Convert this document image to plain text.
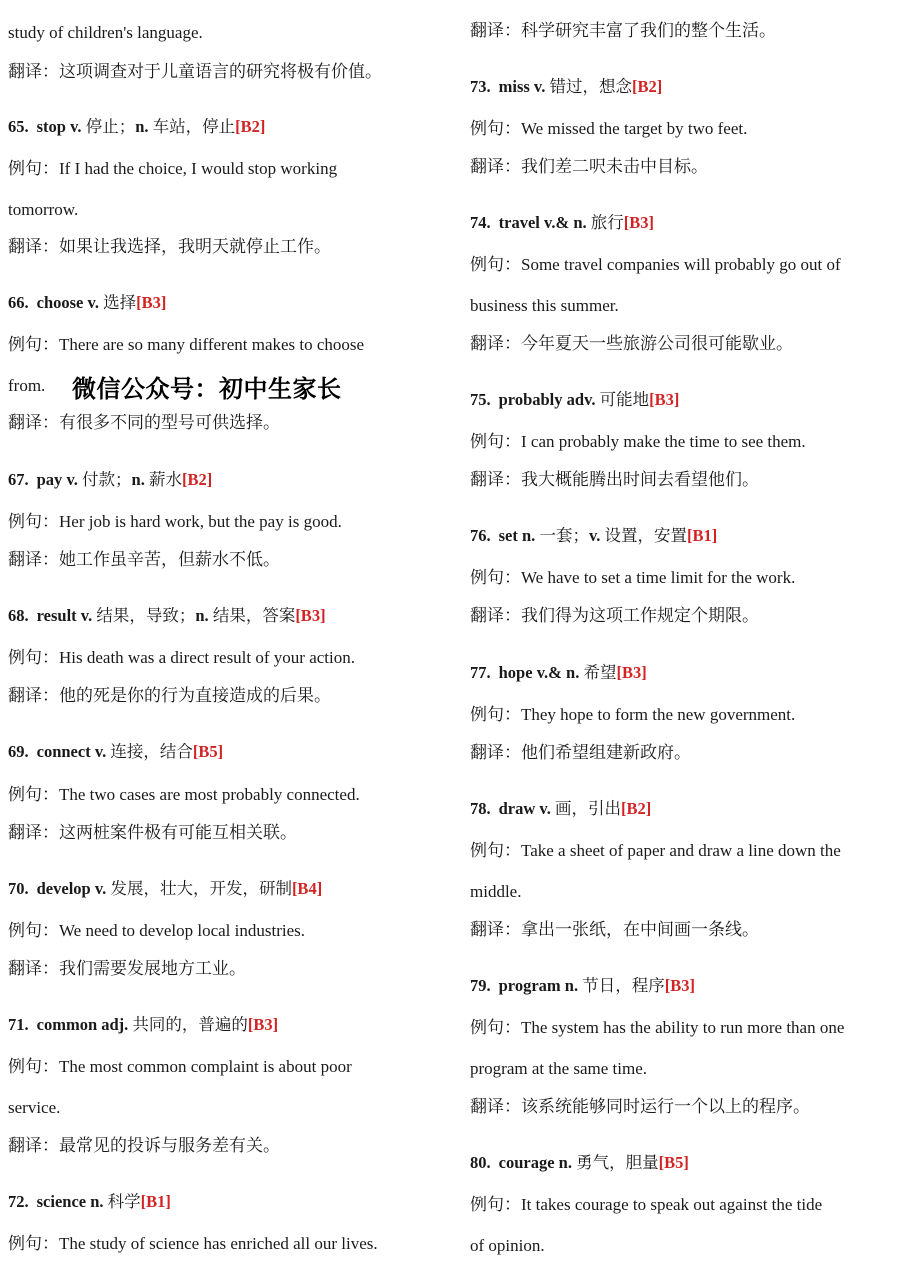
study of children's language.
翻译：这项调查对于儿童语言的研究将极有价值。
65. stop v. 停止；n. 车站，停止[B2]
例句：If I had the choice, I would stop working
tomorrow.
翻译：如果让我选择，我明天就停止工作。
66. choose v. 选择[B3]
例句：There are so many different makes to choose
from.
翻译：有很多不同的型号可供选择。
67. pay v. 付款；n. 薪水[B2]
例句：Her job is hard work, but the pay is good.
翻译：她工作虽辛苦，但薪水不低。
68. result v. 结果，导致；n. 结果，答案[B3]
例句：His death was a direct result of your action.
翻译：他的死是你的行为直接造成的后果。
69. connect v. 连接，结合[B5]
例句：The two cases are most probably connected.
翻译：这两桩案件极有可能互相关联。
70. develop v. 发展，壮大，开发，研制[B4]
例句：We need to develop local industries.
翻译：我们需要发展地方工业。
71. common adj. 共同的，普遍的[B3]
例句：The most common complaint is about poor
service.
翻译：最常见的投诉与服务差有关。
72. science n. 科学[B1]
例句：The study of science has enriched all our lives.
翻译：科学研究丰富了我们的整个生活。
73. miss v. 错过，想念[B2]
例句：We missed the target by two feet.
翻译：我们差二呎未击中目标。
74. travel v.& n. 旅行[B3]
例句：Some travel companies will probably go out of
business this summer.
翻译：今年夏天一些旅游公司很可能歇业。
75. probably adv. 可能地[B3]
例句：I can probably make the time to see them.
翻译：我大概能腾出时间去看望他们。
76. set n. 一套；v. 设置，安置[B1]
例句：We have to set a time limit for the work.
翻译：我们得为这项工作规定个期限。
77. hope v.& n. 希望[B3]
例句：They hope to form the new government.
翻译：他们希望组建新政府。
78. draw v. 画，引出[B2]
例句：Take a sheet of paper and draw a line down the
middle.
翻译：拿出一张纸，在中间画一条线。
79. program n. 节日，程序[B3]
例句：The system has the ability to run more than one
program at the same time.
翻译：该系统能够同时运行一个以上的程序。
80. courage n. 勇气，胆量[B5]
例句：It takes courage to speak out against the tide
of opinion.
微信公众号：初中生家长
